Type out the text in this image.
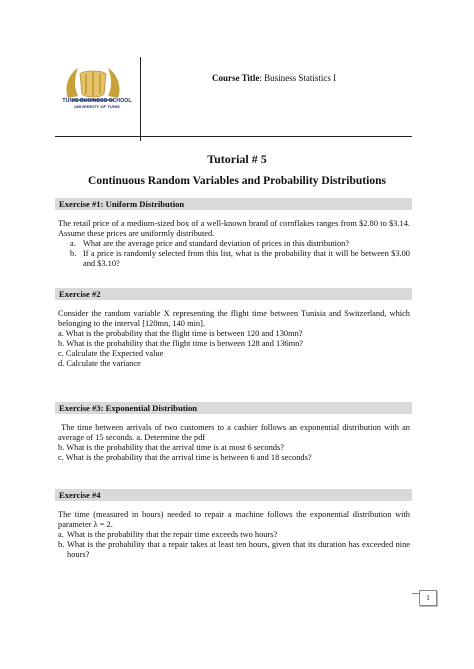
TUNIS BUSINESS SCHOOL
UNIVERSITY OF TUNIS
Course Title: Business Statistics I
Tutorial # 5
Continuous Random Variables and Probability Distributions
Exercise #1: Uniform Distribution

The retail price of a medium-sized box of a well-known brand of cornflakes ranges from $2.80 to $3.14. Assume these prices are uniformly distributed.

a. What are the average price and standard deviation of prices in this distribution?

b. If a price is randomly selected from this list, what is the probability that it will be between $3.00 and $3.10?

Exercise #2

Consider the random variable X representing the flight time between Tunisia and Switzerland, which belonging to the interval [120mn, 140 min].

a. What is the probability that the flight time is between 120 and 130mn?

b. What is the probability that the flight time is between 128 and 136mn?

c. Calculate the Expected value

d. Calculate the variance

Exercise #3: Exponential Distribution

The time between arrivals of two customers to a cashier follows an exponential distribution with an average of 15 seconds. a. Determine the pdf

b. What is the probability that the arrival time is at most 6 seconds?

c. What is the probability that the arrival time is between 6 and 18 seconds?

Exercise #4

The time (measured in hours) needed to repair a machine follows the exponential distribution with parameter λ = 2.

a. What is the probability that the repair time exceeds two hours?

b. What is the probability that a repair takes at least ten hours, given that its duration has exceeded nine hours?

1
